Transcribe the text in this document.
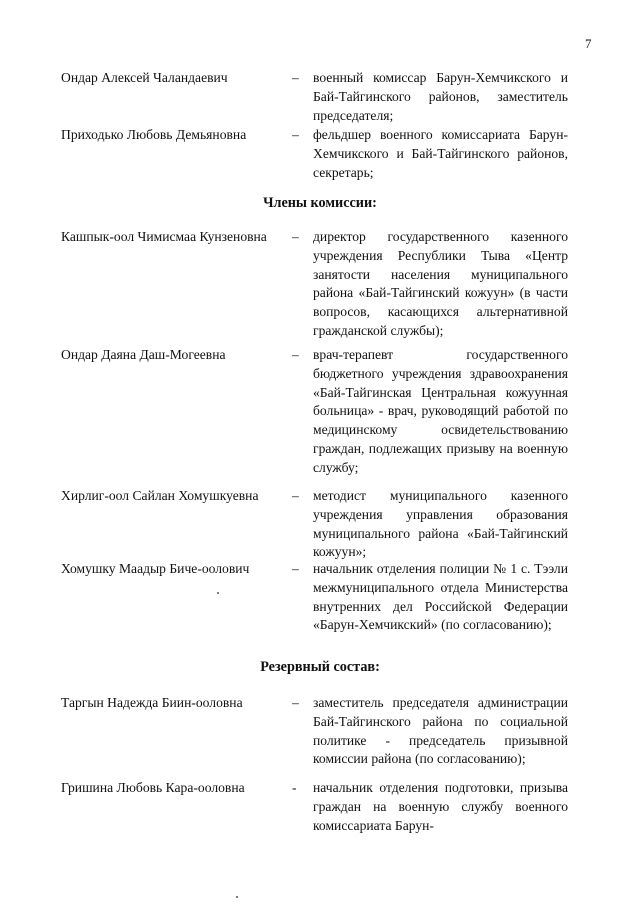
7
Ондар Алексей Чаландаевич	–	военный комиссар Барун-Хемчикского и Бай-Тайгинского районов, заместитель председателя;
Приходько Любовь Демьяновна	–	фельдшер военного комиссариата Барун-Хемчикского и Бай-Тайгинского районов, секретарь;
Члены комиссии:
Кашпык-оол Чимисмаа Кунзеновна	–	директор государственного казенного учреждения Республики Тыва «Центр занятости населения муниципального района «Бай-Тайгинский кожуун» (в части вопросов, касающихся альтернативной гражданской службы);
Ондар Даяна Даш-Могеевна	–	врач-терапевт государственного бюджетного учреждения здравоохранения «Бай-Тайгинская Центральная кожуунная больница» - врач, руководящий работой по медицинскому освидетельствованию граждан, подлежащих призыву на военную службу;
Хирлиг-оол Сайлан Хомушкуевна	–	методист муниципального казенного учреждения управления образования муниципального района «Бай-Тайгинский кожуун»;
Хомушку Маадыр Биче-оолович	–	начальник отделения полиции № 1 с. Тээли межмуниципального отдела Министерства внутренних дел Российской Федерации «Барун-Хемчикский» (по согласованию);
Резервный состав:
Таргын Надежда Биин-ооловна	–	заместитель председателя администрации Бай-Тайгинского района по социальной политике - председатель призывной комиссии района (по согласованию);
Гришина Любовь Кара-ооловна	-	начальник отделения подготовки, призыва граждан на военную службу военного комиссариата Барун-
